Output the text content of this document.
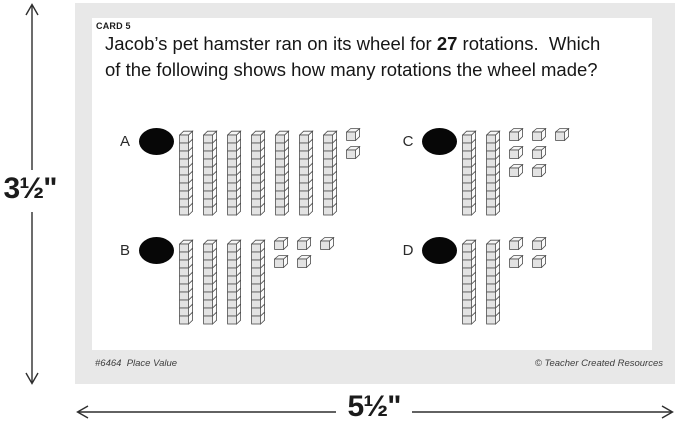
3½"
5½"
CARD 5

Jacob’s pet hamster ran on its wheel for 27 rotations.  Which
of the following shows how many rotations the wheel made?

A	C
B	D
#6464  Place Value	© Teacher Created Resources
